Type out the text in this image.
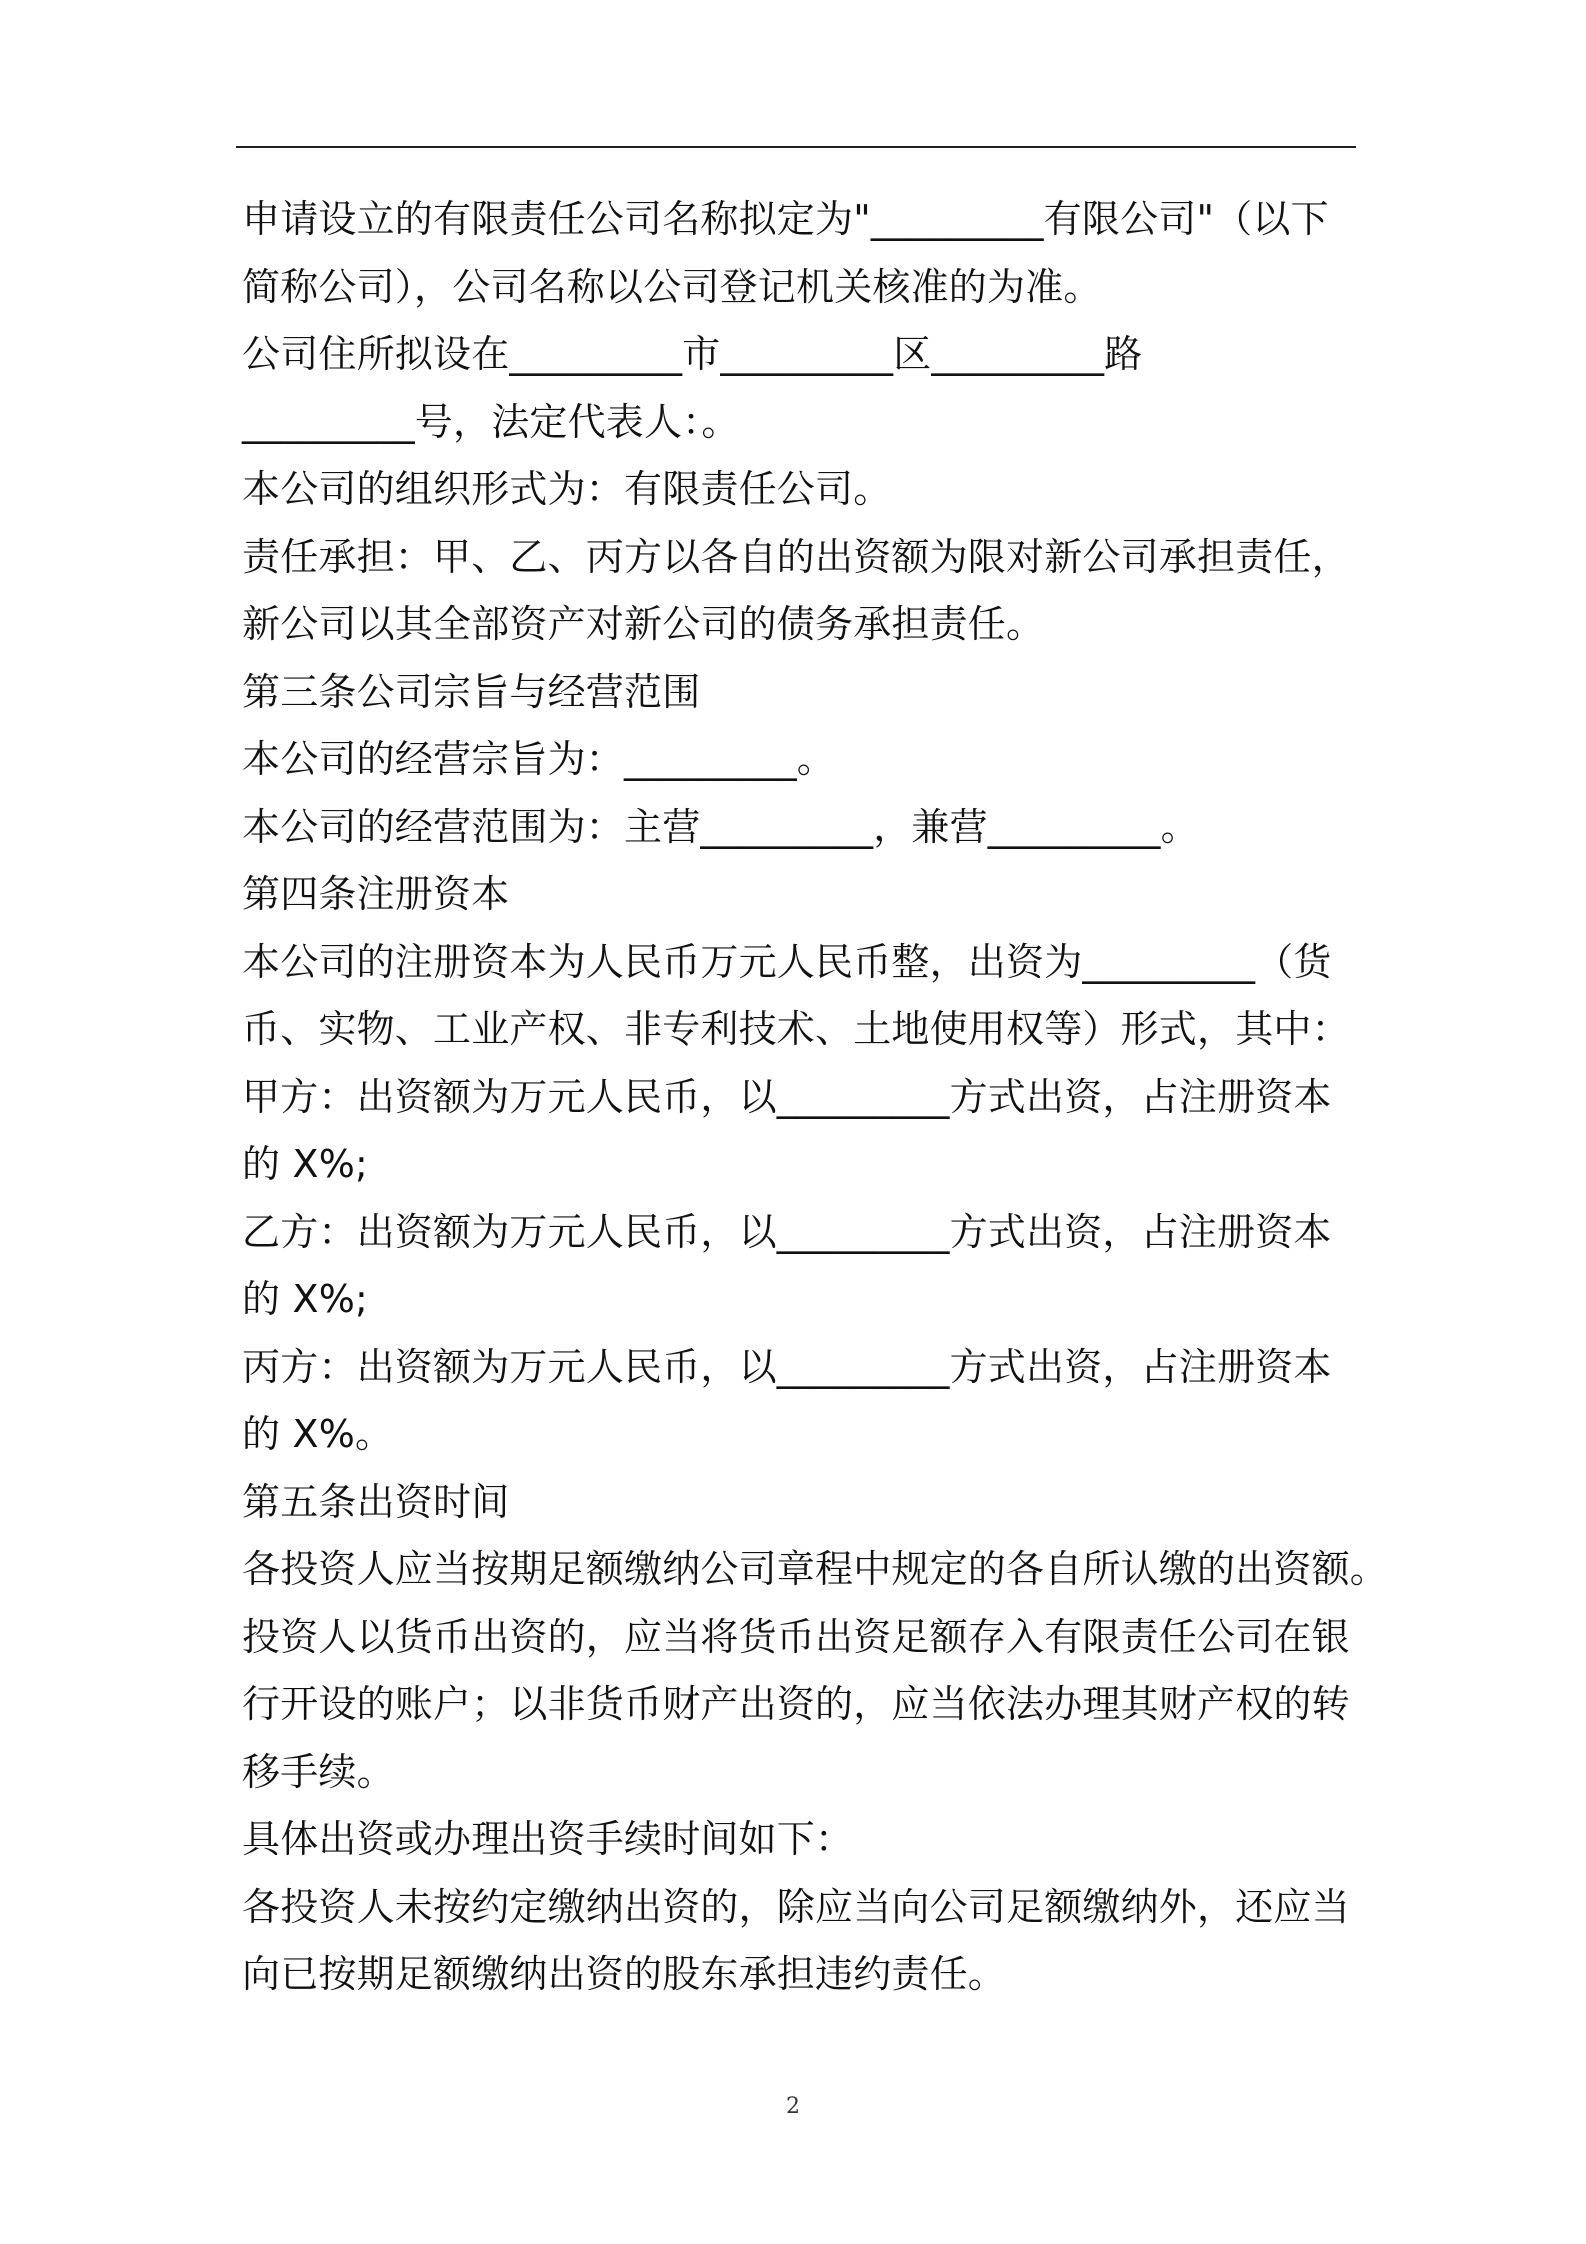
申请设立的有限责任公司名称拟定为"_________有限公司"（以下
简称公司），公司名称以公司登记机关核准的为准。
公司住所拟设在_________市_________区_________路
_________号，法定代表人：。
本公司的组织形式为：有限责任公司。
责任承担：甲、乙、丙方以各自的出资额为限对新公司承担责任，
新公司以其全部资产对新公司的债务承担责任。
第三条公司宗旨与经营范围
本公司的经营宗旨为：_________。
本公司的经营范围为：主营_________，兼营_________。
第四条注册资本
本公司的注册资本为人民币万元人民币整，出资为_________（货
币、实物、工业产权、非专利技术、土地使用权等）形式，其中：
甲方：出资额为万元人民币，以_________方式出资，占注册资本
的 X%;
乙方：出资额为万元人民币，以_________方式出资，占注册资本
的 X%;
丙方：出资额为万元人民币，以_________方式出资，占注册资本
的 X%。
第五条出资时间
各投资人应当按期足额缴纳公司章程中规定的各自所认缴的出资额。
投资人以货币出资的，应当将货币出资足额存入有限责任公司在银
行开设的账户；以非货币财产出资的，应当依法办理其财产权的转
移手续。
具体出资或办理出资手续时间如下：
各投资人未按约定缴纳出资的，除应当向公司足额缴纳外，还应当
向已按期足额缴纳出资的股东承担违约责任。
2
